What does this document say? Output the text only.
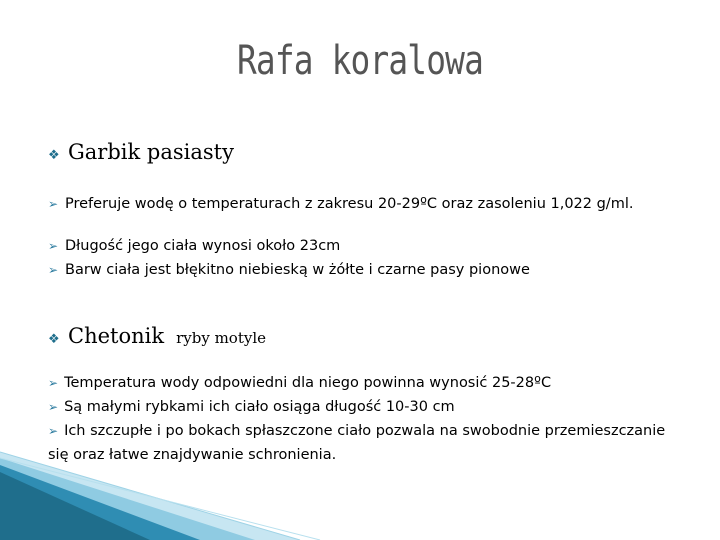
Rafa koralowa
❖ Garbik pasiasty
➢ Preferuje wodę o temperaturach z zakresu 20-29ºC oraz zasoleniu 1,022 g/ml.
➢ Długość jego ciała wynosi około 23cm
➢ Barw ciała jest błękitno niebieską w żółte i czarne pasy pionowe
❖ Chetonik ryby motyle
➢ Temperatura wody odpowiedni dla niego powinna wynosić 25-28ºC
➢ Są małymi rybkami ich ciało osiąga długość 10-30 cm
➢ Ich szczupłe i po bokach spłaszczone ciało pozwala na swobodnie przemieszczanie się oraz łatwe znajdywanie schronienia.
